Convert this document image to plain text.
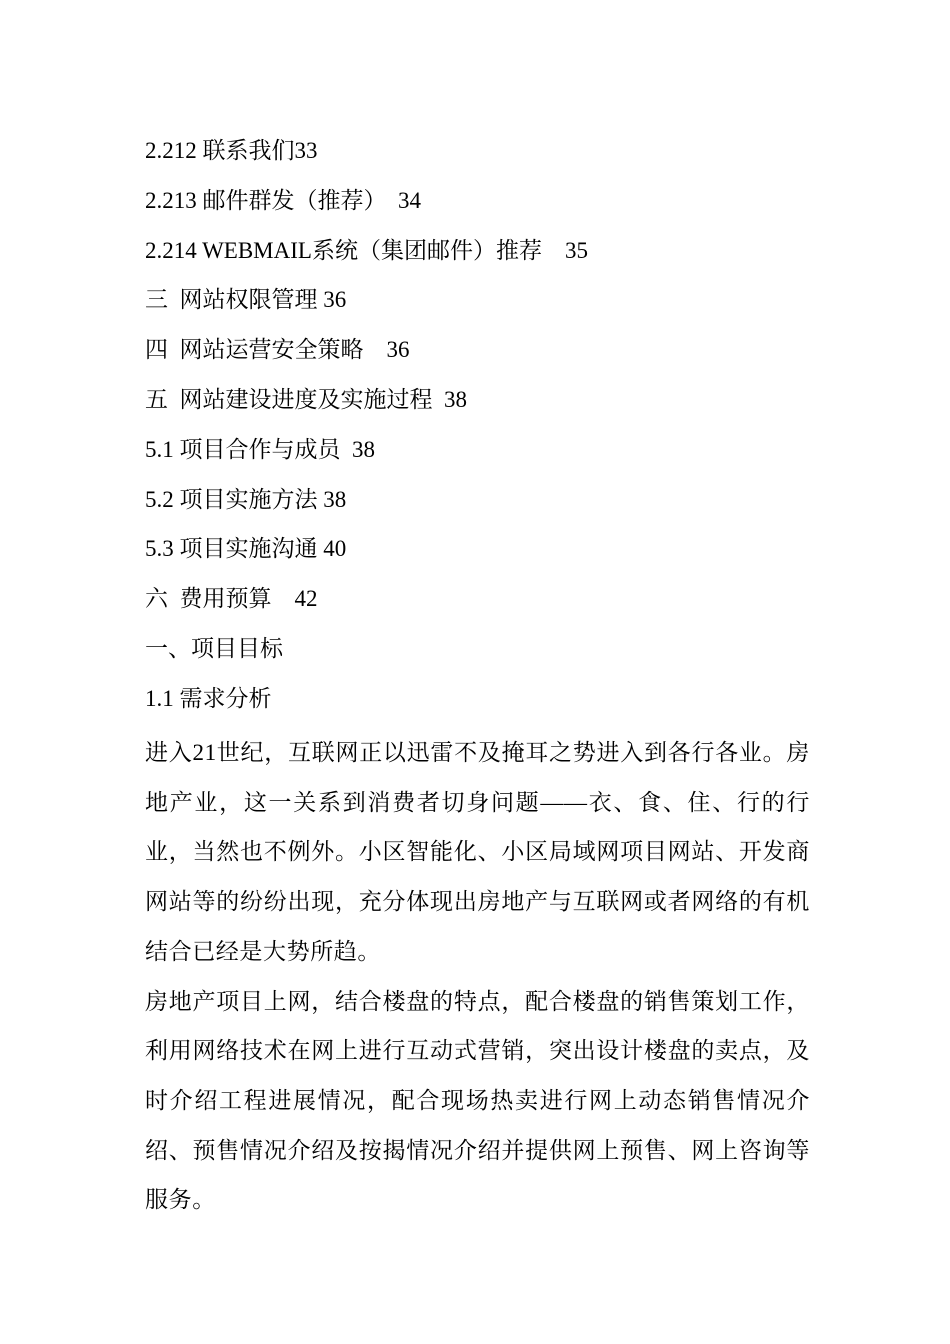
2.212 联系我们33
2.213 邮件群发（推荐）　34
2.214 WEBMAIL系统（集团邮件）推荐　35
三  网站权限管理 36
四  网站运营安全策略　36
五  网站建设进度及实施过程  38
5.1 项目合作与成员  38
5.2 项目实施方法 38
5.3 项目实施沟通 40
六  费用预算　42
一、项目目标
1.1 需求分析

进入21世纪，互联网正以迅雷不及掩耳之势进入到各行各业。房地产业，这一关系到消费者切身问题——衣、食、住、行的行业，当然也不例外。小区智能化、小区局域网项目网站、开发商网站等的纷纷出现，充分体现出房地产与互联网或者网络的有机结合已经是大势所趋。

房地产项目上网，结合楼盘的特点，配合楼盘的销售策划工作，利用网络技术在网上进行互动式营销，突出设计楼盘的卖点，及时介绍工程进展情况，配合现场热卖进行网上动态销售情况介绍、预售情况介绍及按揭情况介绍并提供网上预售、网上咨询等服务。
